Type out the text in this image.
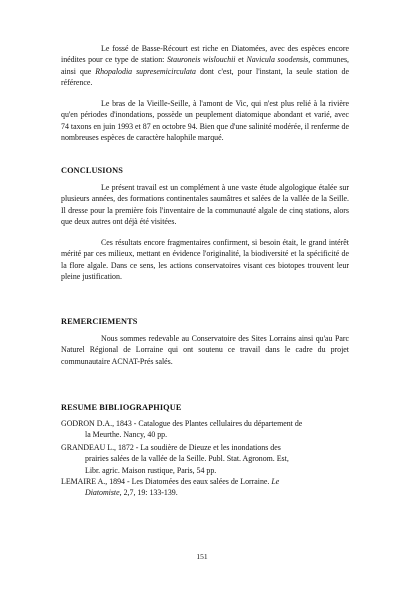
Le fossé de Basse-Récourt est riche en Diatomées, avec des espèces encore inédites pour ce type de station: Stauroneis wislouchii et Navicula soodensis, communes, ainsi que Rhopalodia supresemicirculata dont c'est, pour l'instant, la seule station de référence.

Le bras de la Vieille-Seille, à l'amont de Vic, qui n'est plus relié à la rivière qu'en périodes d'inondations, possède un peuplement diatomique abondant et varié, avec 74 taxons en juin 1993 et 87 en octobre 94. Bien que d'une salinité modérée, il renferme de nombreuses espèces de caractère halophile marqué.

CONCLUSIONS

Le présent travail est un complément à une vaste étude algologique étalée sur plusieurs années, des formations continentales saumâtres et salées de la vallée de la Seille. Il dresse pour la première fois l'inventaire de la communauté algale de cinq stations, alors que deux autres ont déjà été visitées.

Ces résultats encore fragmentaires confirment, si besoin était, le grand intérêt mérité par ces milieux, mettant en évidence l'originalité, la biodiversité et la spécificité de la flore algale. Dans ce sens, les actions conservatoires visant ces biotopes trouvent leur pleine justification.

REMERCIEMENTS

Nous sommes redevable au Conservatoire des Sites Lorrains ainsi qu'au Parc Naturel Régional de Lorraine qui ont soutenu ce travail dans le cadre du projet communautaire ACNAT-Prés salés.

RESUME BIBLIOGRAPHIQUE
GODRON D.A., 1843 - Catalogue des Plantes cellulaires du département de
la Meurthe. Nancy, 40 pp.
GRANDEAU L., 1872 - La soudière de Dieuze et les inondations des
prairies salées de la vallée de la Seille. Publ. Stat. Agronom. Est,
Libr. agric. Maison rustique, Paris, 54 pp.
LEMAIRE A., 1894 - Les Diatomées des eaux salées de Lorraine. Le
Diatomiste, 2,7, 19: 133-139.
151
